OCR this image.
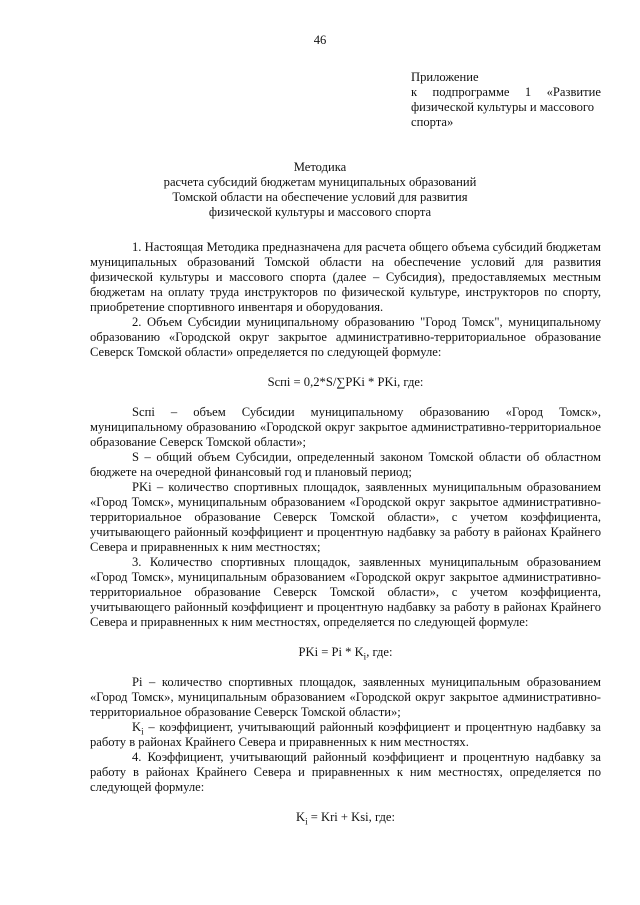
46

Приложение

к подпрограмме 1 «Развитие

физической культуры и массового

спорта»

Методика

расчета субсидий бюджетам муниципальных образований

Томской области на обеспечение условий для развития

физической культуры и массового спорта

1. Настоящая Методика предназначена для расчета общего объема субсидий бюджетам муниципальных образований Томской области на обеспечение условий для развития физической культуры и массового спорта (далее – Субсидия), предоставляемых местным бюджетам на оплату труда инструкторов по физической культуре, инструкторов по спорту, приобретение спортивного инвентаря и оборудования.

2. Объем Субсидии муниципальному образованию "Город Томск", муниципальному образованию «Городской округ закрытое административно-территориальное образование Северск Томской области» определяется по следующей формуле:

Scпi = 0,2*S/∑PKi * PKi, где:

Scпi – объем Субсидии муниципальному образованию «Город Томск», муниципальному образованию «Городской округ закрытое административно-территориальное образование Северск Томской области»;

S – общий объем Субсидии, определенный законом Томской области об областном бюджете на очередной финансовый год и плановый период;

PKi – количество спортивных площадок, заявленных муниципальным образованием «Город Томск», муниципальным образованием «Городской округ закрытое административно-территориальное образование Северск Томской области», с учетом коэффициента, учитывающего районный коэффициент и процентную надбавку за работу в районах Крайнего Севера и приравненных к ним местностях;

3. Количество спортивных площадок, заявленных муниципальным образованием «Город Томск», муниципальным образованием «Городской округ закрытое административно-территориальное образование Северск Томской области», с учетом коэффициента, учитывающего районный коэффициент и процентную надбавку за работу в районах Крайнего Севера и приравненных к ним местностях, определяется по следующей формуле:

PKi = Pi * $K_i$, где:

Pi – количество спортивных площадок, заявленных муниципальным образованием «Город Томск», муниципальным образованием «Городской округ закрытое административно-территориальное образование Северск Томской области»;

$K_i$ – коэффициент, учитывающий районный коэффициент и процентную надбавку за работу в районах Крайнего Севера и приравненных к ним местностях.

4. Коэффициент, учитывающий районный коэффициент и процентную надбавку за работу в районах Крайнего Севера и приравненных к ним местностях, определяется по следующей формуле:

$K_i$ = Kri + Ksi, где:
